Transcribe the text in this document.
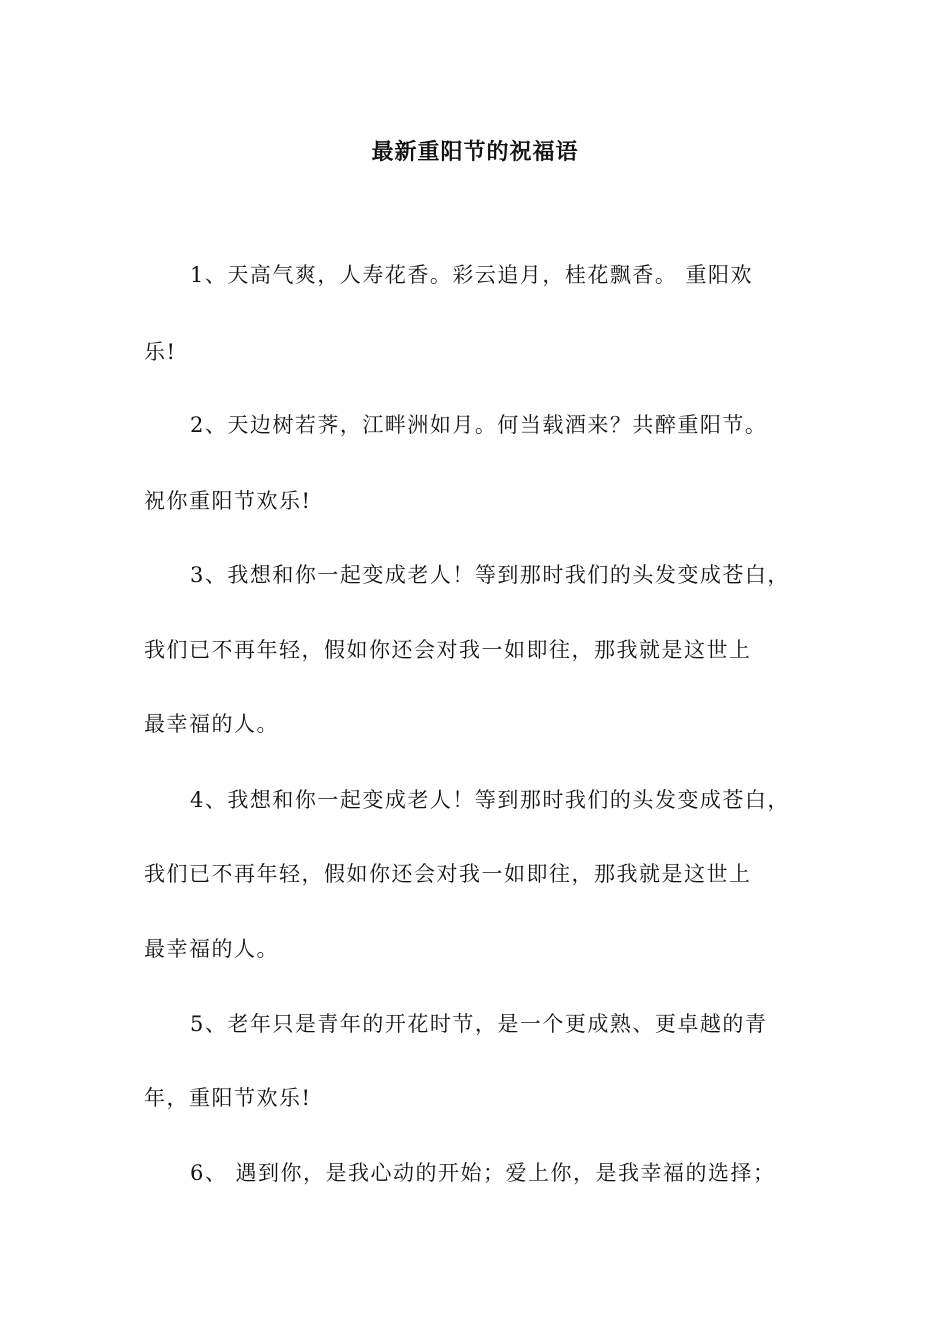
最新重阳节的祝福语
1、天高气爽，人寿花香。彩云追月，桂花飘香。 重阳欢
乐!
2、天边树若荠，江畔洲如月。何当载酒来？共醉重阳节。
祝你重阳节欢乐!
3、我想和你一起变成老人！等到那时我们的头发变成苍白，
我们已不再年轻，假如你还会对我一如即往，那我就是这世上
最幸福的人。
4、我想和你一起变成老人！等到那时我们的头发变成苍白，
我们已不再年轻，假如你还会对我一如即往，那我就是这世上
最幸福的人。
5、老年只是青年的开花时节，是一个更成熟、更卓越的青
年，重阳节欢乐!
6、 遇到你，是我心动的开始；爱上你，是我幸福的选择；
